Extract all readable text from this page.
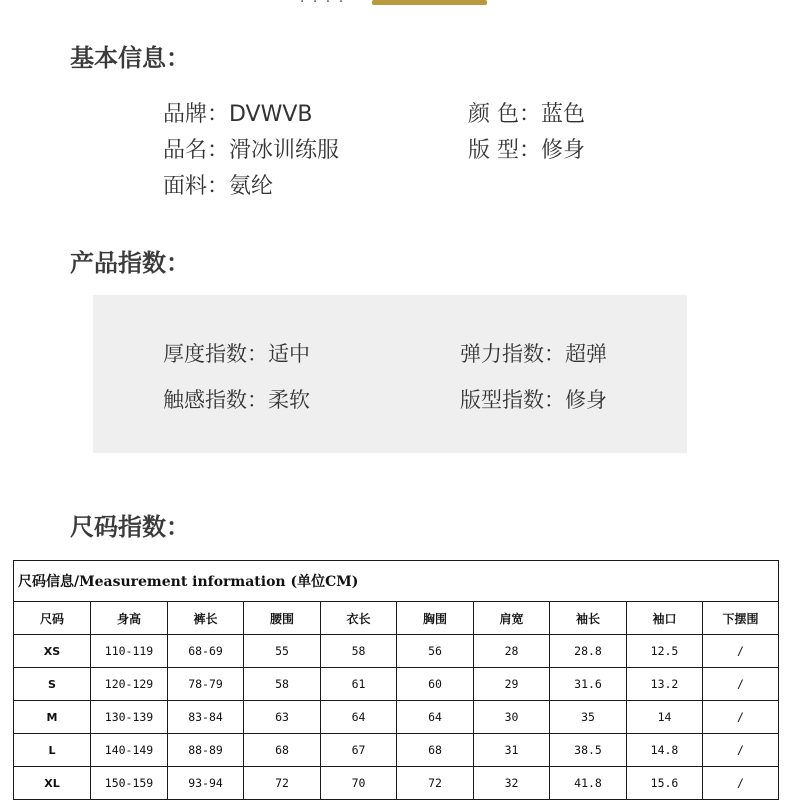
· · · ·
基本信息：
品牌：DVWVB
品名：滑冰训练服
面料：氨纶
颜 色：蓝色
版 型：修身
产品指数：
厚度指数：适中	弹力指数：超弹
触感指数：柔软	版型指数：修身
尺码指数：
尺码信息/Measurement information (单位CM)									
尺码	身高	裤长	腰围	衣长	胸围	肩宽	袖长	袖口	下摆围
XS	110-119	68-69	55	58	56	28	28.8	12.5	/
S	120-129	78-79	58	61	60	29	31.6	13.2	/
M	130-139	83-84	63	64	64	30	35	14	/
L	140-149	88-89	68	67	68	31	38.5	14.8	/
XL	150-159	93-94	72	70	72	32	41.8	15.6	/
